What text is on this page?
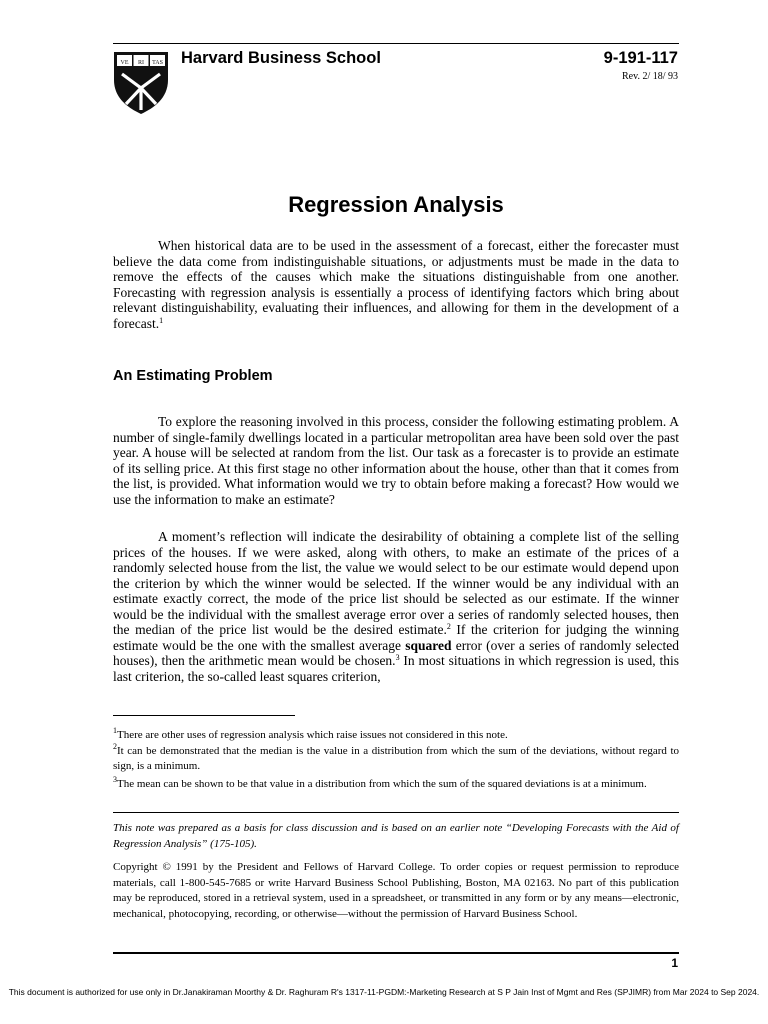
VE RI TAS Harvard Business School	9-191-117
Rev. 2/ 18/ 93
Regression Analysis
When historical data are to be used in the assessment of a forecast, either the forecaster must believe the data come from indistinguishable situations, or adjustments must be made in the data to remove the effects of the causes which make the situations distinguishable from one another. Forecasting with regression analysis is essentially a process of identifying factors which bring about relevant distinguishability, evaluating their influences, and allowing for them in the development of a forecast.$^1$
An Estimating Problem
To explore the reasoning involved in this process, consider the following estimating problem. A number of single-family dwellings located in a particular metropolitan area have been sold over the past year. A house will be selected at random from the list. Our task as a forecaster is to provide an estimate of its selling price. At this first stage no other information about the house, other than that it comes from the list, is provided. What information would we try to obtain before making a forecast? How would we use the information to make an estimate?
A moment’s reflection will indicate the desirability of obtaining a complete list of the selling prices of the houses. If we were asked, along with others, to make an estimate of the prices of a randomly selected house from the list, the value we would select to be our estimate would depend upon the criterion by which the winner would be selected. If the winner would be any individual with an estimate exactly correct, the mode of the price list should be selected as our estimate. If the winner would be the individual with the smallest average error over a series of randomly selected houses, then the median of the price list would be the desired estimate.$^2$ If the criterion for judging the winning estimate would be the one with the smallest average squared error (over a series of randomly selected houses), then the arithmetic mean would be chosen.$^3$ In most situations in which regression is used, this last criterion, the so-called least squares criterion,
$^1$There are other uses of regression analysis which raise issues not considered in this note.
$^2$It can be demonstrated that the median is the value in a distribution from which the sum of the deviations, without regard to sign, is a minimum.
$^3$The mean can be shown to be that value in a distribution from which the sum of the squared deviations is at a minimum.
This note was prepared as a basis for class discussion and is based on an earlier note “Developing Forecasts with the Aid of Regression Analysis” (175-105).
Copyright © 1991 by the President and Fellows of Harvard College. To order copies or request permission to reproduce materials, call 1-800-545-7685 or write Harvard Business School Publishing, Boston, MA 02163. No part of this publication may be reproduced, stored in a retrieval system, used in a spreadsheet, or transmitted in any form or by any means—electronic, mechanical, photocopying, recording, or otherwise—without the permission of Harvard Business School.
1
This document is authorized for use only in Dr.Janakiraman Moorthy & Dr. Raghuram R's 1317-11-PGDM:-Marketing Research at S P Jain Inst of Mgmt and Res (SPJIMR) from Mar 2024 to Sep 2024.
